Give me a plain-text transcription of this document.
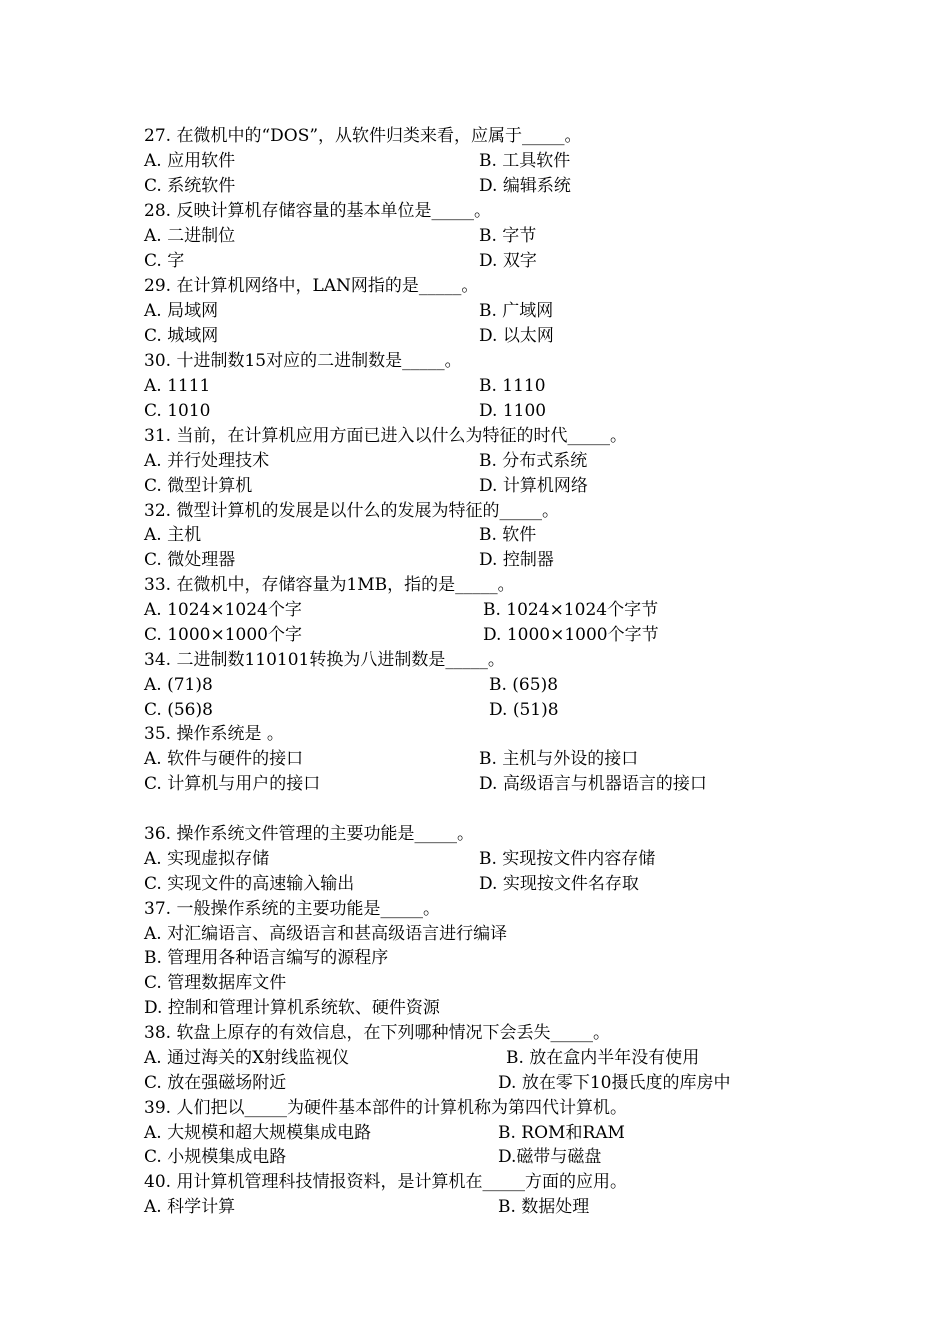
27. 在微机中的“DOS”，从软件归类来看，应属于_____。
A. 应用软件	B. 工具软件
C. 系统软件	D. 编辑系统
28. 反映计算机存储容量的基本单位是_____。
A. 二进制位	B. 字节
C. 字	D. 双字
29. 在计算机网络中，LAN网指的是_____。
A. 局域网	B. 广域网
C. 城域网	D. 以太网
30. 十进制数15对应的二进制数是_____。
A. 1111	B. 1110
C. 1010	D. 1100
31. 当前，在计算机应用方面已进入以什么为特征的时代_____。
A. 并行处理技术	B. 分布式系统
C. 微型计算机	D. 计算机网络
32. 微型计算机的发展是以什么的发展为特征的_____。
A. 主机	B. 软件
C. 微处理器	D. 控制器
33. 在微机中，存储容量为1MB，指的是_____。
A. 1024×1024个字	B. 1024×1024个字节
C. 1000×1000个字	D. 1000×1000个字节
34. 二进制数110101转换为八进制数是_____。
A. (71)8	B. (65)8
C. (56)8	D. (51)8
35. 操作系统是 。
A. 软件与硬件的接口	B. 主机与外设的接口
C. 计算机与用户的接口	D. 高级语言与机器语言的接口
36. 操作系统文件管理的主要功能是_____。
A. 实现虚拟存储	B. 实现按文件内容存储
C. 实现文件的高速输入输出	D. 实现按文件名存取
37. 一般操作系统的主要功能是_____。
A. 对汇编语言、高级语言和甚高级语言进行编译
B. 管理用各种语言编写的源程序
C. 管理数据库文件
D. 控制和管理计算机系统软、硬件资源
38. 软盘上原存的有效信息，在下列哪种情况下会丢失_____。
A. 通过海关的X射线监视仪	B. 放在盒内半年没有使用
C. 放在强磁场附近	D. 放在零下10摄氏度的库房中
39. 人们把以_____为硬件基本部件的计算机称为第四代计算机。
A. 大规模和超大规模集成电路	B. ROM和RAM
C. 小规模集成电路	D.磁带与磁盘
40. 用计算机管理科技情报资料，是计算机在_____方面的应用。
A. 科学计算	B. 数据处理
